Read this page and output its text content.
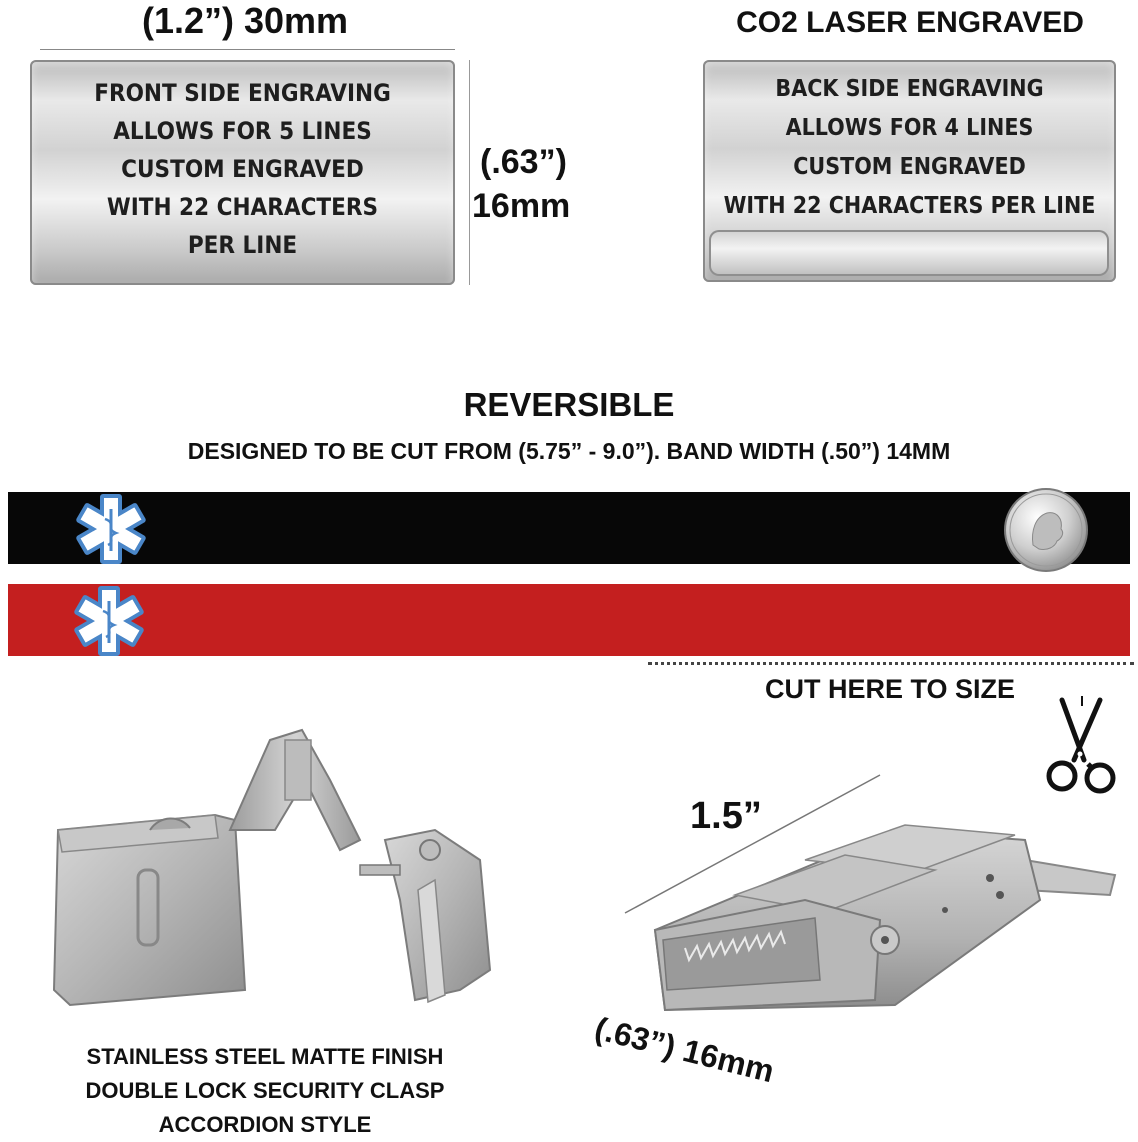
(1.2”) 30mm
FRONT SIDE ENGRAVING
ALLOWS FOR 5 LINES
CUSTOM ENGRAVED
WITH 22 CHARACTERS
PER LINE
(.63”)
16mm
CO2 LASER ENGRAVED
BACK SIDE ENGRAVING
ALLOWS FOR 4 LINES
CUSTOM ENGRAVED
WITH 22 CHARACTERS PER LINE
REVERSIBLE
DESIGNED TO BE CUT FROM (5.75” - 9.0”). BAND WIDTH (.50”) 14MM
CUT HERE TO SIZE
STAINLESS STEEL MATTE FINISH
DOUBLE LOCK SECURITY CLASP
ACCORDION STYLE
1.5”
(.63”) 16mm
